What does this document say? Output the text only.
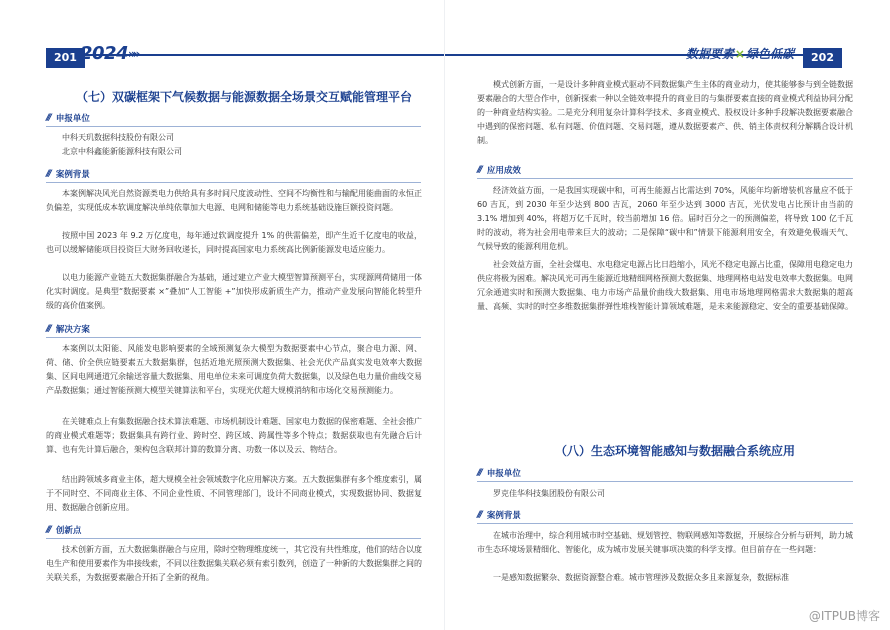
201 2024 »»
（七）双碳框架下气候数据与能源数据全场景交互赋能管理平台
/// 申报单位
中科天玑数据科技股份有限公司
北京中科鑫能新能源科技有限公司
/// 案例背景
本案例解决风光自然资源类电力供给具有多时间尺度波动性、空间不均衡性和与输配用能曲面的永恒正负偏差，实现低成本软调度解决单纯依靠加大电源、电网和储能等电力系统基础设施巨额投资问题。
按照中国 2023 年 9.2 万亿度电，每年通过软调度提升 1% 的供需偏差，即产生近千亿度电的收益，也可以缓解储能项目投资巨大财务回收递长，同时提高国家电力系统高比例新能源发电适应能力。
以电力能源产业链五大数据集群融合为基础，通过建立产业大模型智算预测平台，实现源网荷储用一体化实时调度。是典型“数据要素 ×”叠加“人工智能 +”加快形成新质生产力，推动产业发展向智能化转型升级的高价值案例。
/// 解决方案
本案例以太阳能、风能发电影响要素的全域预测复杂大模型为数据要素中心节点，聚合电力源、网、荷、储、价全供应链要素五大数据集群，包括近地光照预测大数据集、社会光伏产品真实发电效率大数据集、区间电网通道冗余输送容量大数据集、用电单位未来可调度负荷大数据集，以及绿色电力量价曲线交易产品数据集；通过智能预测大模型关键算法和平台，实现光伏超大规模消纳和市场化交易预测能力。
在关键难点上有集数据融合技术算法难题、市场机制设计难题、国家电力数据的保密难题、全社会推广的商业模式难题等；数据集具有跨行业、跨时空、跨区域、跨属性等多个特点；数据获取也有先融合后计算、也有先计算后融合，架构包含联邦计算的数算分离、功数一体以及云、物结合。
结出跨领域多商业主体，超大规模全社会领域数字化应用解决方案。五大数据集群有多个维度索引，属于不同时空、不同商业主体、不同企业性质、不同管理部门，设计不同商业模式，实现数据协同、数据复用、数据融合创新应用。
/// 创新点
技术创新方面，五大数据集群融合与应用，除时空物理维度统一，其它没有共性维度，他们的结合以度电生产和使用要素作为串接线索，不同以往数据集关联必须有索引数列，创造了一种新的大数据集群之间的关联关系，为数据要素融合开拓了全新的视角。
数据要素×绿色低碳	202
模式创新方面，一是设计多种商业模式驱动不同数据集产生主体的商业动力，使其能够参与到全链数据要素融合的大型合作中，创新探索一种以全链效率提升的商业目的与集群要素直接的商业模式利益协同分配的一种商业结构实验。二是充分利用复杂计算科学技术、多商业模式、股权设计多种手段解决数据要素融合中遇到的保密问题、私有问题、价值问题、交易问题，遵从数据要素产、供、销主体责权利分解耦合设计机制。
/// 应用成效
经济效益方面，一是我国实现碳中和，可再生能源占比需达到 70%，风能年均新增装机容量应不低于 60 吉瓦，到 2030 年至少达到 800 吉瓦，2060 年至少达到 3000 吉瓦，光伏发电占比预计由当前的 3.1% 增加到 40%，将超万亿千瓦时，较当前增加 16 倍。届时百分之一的预测偏差，将导致 100 亿千瓦时的波动，将为社会用电带来巨大的波动；二是保障“碳中和”情景下能源利用安全，有效避免极端天气、气候导致的能源利用危机。
社会效益方面，全社会煤电、水电稳定电源占比日趋缩小，风光不稳定电源占比重，保障用电稳定电力供应将极为困难。解决风光可再生能源近地精细网格预测大数据集、地理网格电站发电效率大数据集。电网冗余通道实时和预测大数据集、电力市场产品量价曲线大数据集、用电市场地理网格需求大数据集的超高量、高频、实时的时空多维数据集群弹性堆栈智能计算领域难题，是未来能源稳定、安全的重要基础保障。
（八）生态环境智能感知与数据融合系统应用
/// 申报单位
罗克佳华科技集团股份有限公司
/// 案例背景
在城市治理中，综合利用城市时空基础、规划管控、物联网感知等数据，开展综合分析与研判，助力城市生态环境场景精细化、智能化，成为城市发展关键事项决策的科学支撑。但目前存在一些问题：
一是感知数据繁杂、数据资源整合难。城市管理涉及数据众多且来源复杂，数据标准
@ITPUB博客
